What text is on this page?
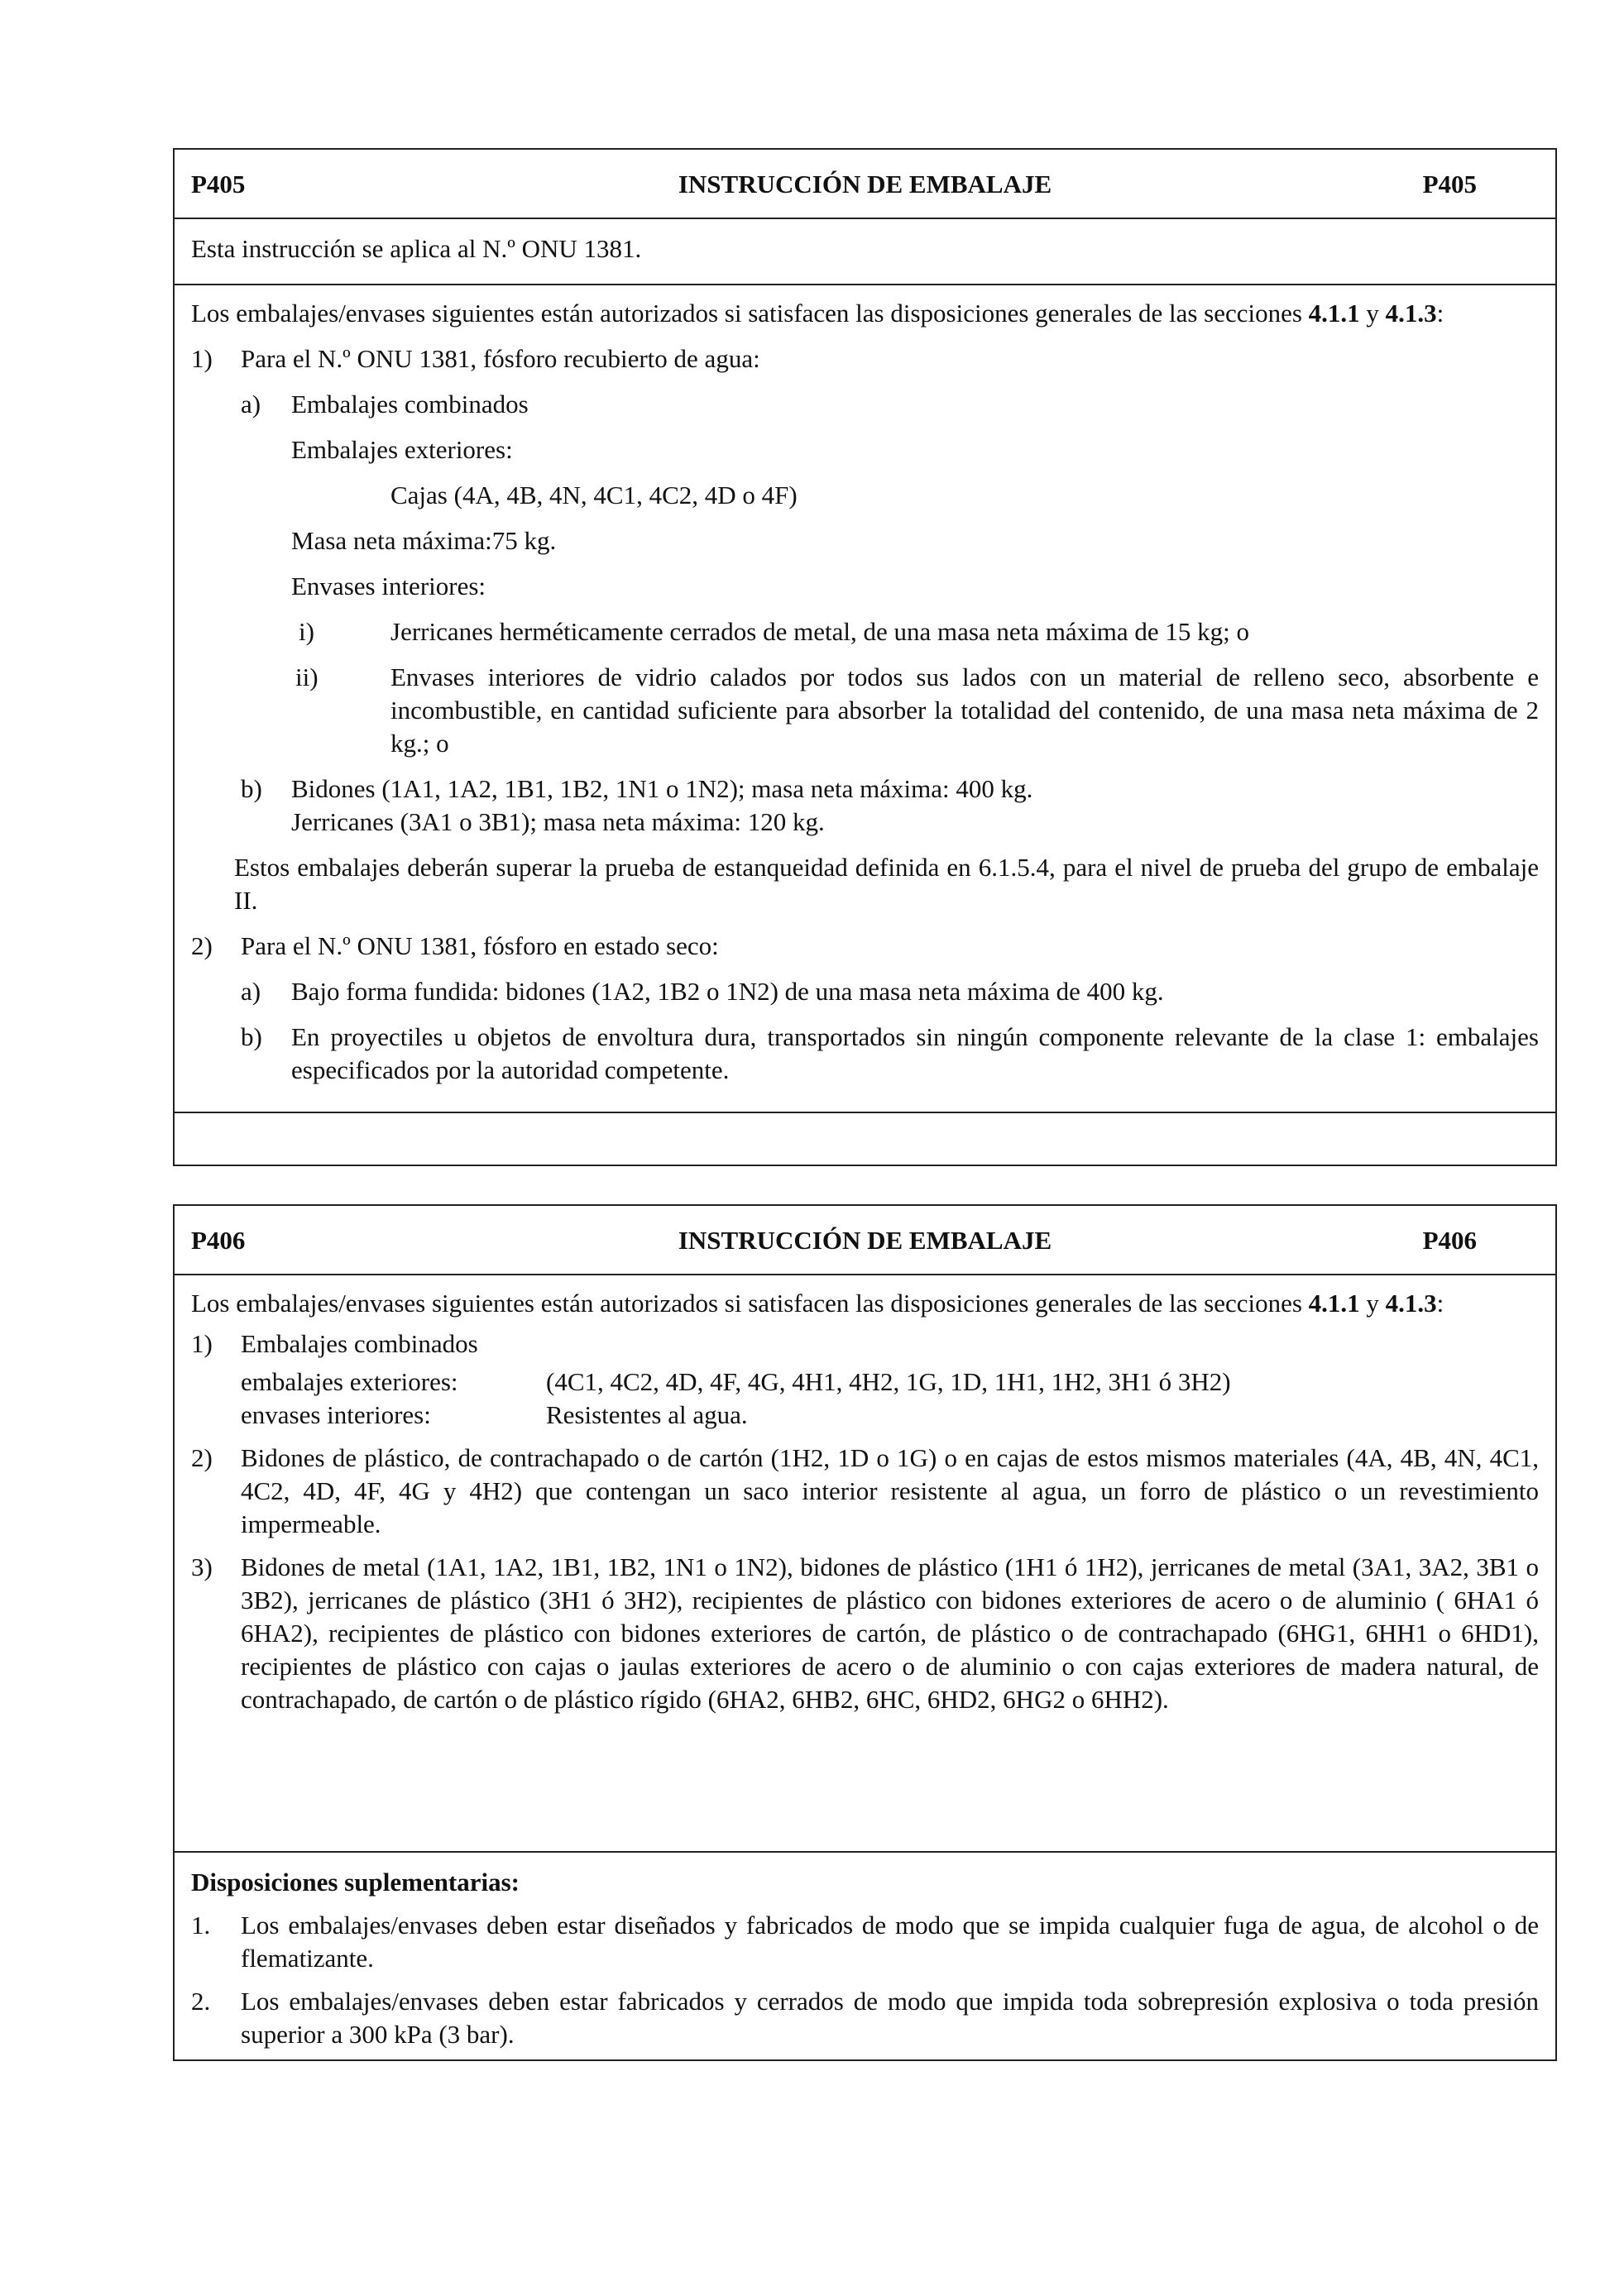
P405	INSTRUCCIÓN DE EMBALAJE	P405
Esta instrucción se aplica al N.º ONU 1381.
Los embalajes/envases siguientes están autorizados si satisfacen las disposiciones generales de las secciones 4.1.1 y 4.1.3:
1) Para el N.º ONU 1381, fósforo recubierto de agua:
a) Embalajes combinados
Embalajes exteriores:
Cajas (4A, 4B, 4N, 4C1, 4C2, 4D o 4F)
Masa neta máxima:75 kg.
Envases interiores:
i)	Jerricanes herméticamente cerrados de metal, de una masa neta máxima de 15 kg; o
ii)	Envases interiores de vidrio calados por todos sus lados con un material de relleno seco, absorbente e incombustible, en cantidad suficiente para absorber la totalidad del contenido, de una masa neta máxima de 2 kg.; o
b) Bidones (1A1, 1A2, 1B1, 1B2, 1N1 o 1N2); masa neta máxima: 400 kg.
Jerricanes (3A1 o 3B1); masa neta máxima: 120 kg.
Estos embalajes deberán superar la prueba de estanqueidad definida en 6.1.5.4, para el nivel de prueba del grupo de embalaje II.
2) Para el N.º ONU 1381, fósforo en estado seco:
a) Bajo forma fundida: bidones (1A2, 1B2 o 1N2) de una masa neta máxima de 400 kg.
b) En proyectiles u objetos de envoltura dura, transportados sin ningún componente relevante de la clase 1: embalajes especificados por la autoridad competente.
P406	INSTRUCCIÓN DE EMBALAJE	P406
Los embalajes/envases siguientes están autorizados si satisfacen las disposiciones generales de las secciones 4.1.1 y 4.1.3:
1) Embalajes combinados
embalajes exteriores:	(4C1, 4C2, 4D, 4F, 4G, 4H1, 4H2, 1G, 1D, 1H1, 1H2, 3H1 ó 3H2)
envases interiores:	Resistentes al agua.
2) Bidones de plástico, de contrachapado o de cartón (1H2, 1D o 1G) o en cajas de estos mismos materiales (4A, 4B, 4N, 4C1, 4C2, 4D, 4F, 4G y 4H2) que contengan un saco interior resistente al agua, un forro de plástico o un revestimiento impermeable.
3) Bidones de metal (1A1, 1A2, 1B1, 1B2, 1N1 o 1N2), bidones de plástico (1H1 ó 1H2), jerricanes de metal (3A1, 3A2, 3B1 o 3B2), jerricanes de plástico (3H1 ó 3H2), recipientes de plástico con bidones exteriores de acero o de aluminio ( 6HA1 ó 6HA2), recipientes de plástico con bidones exteriores de cartón, de plástico o de contrachapado (6HG1, 6HH1 o 6HD1), recipientes de plástico con cajas o jaulas exteriores de acero o de aluminio o con cajas exteriores de madera natural, de contrachapado, de cartón o de plástico rígido (6HA2, 6HB2, 6HC, 6HD2, 6HG2 o 6HH2).
Disposiciones suplementarias:
1. Los embalajes/envases deben estar diseñados y fabricados de modo que se impida cualquier fuga de agua, de alcohol o de flematizante.
2. Los embalajes/envases deben estar fabricados y cerrados de modo que impida toda sobrepresión explosiva o toda presión superior a 300 kPa (3 bar).
